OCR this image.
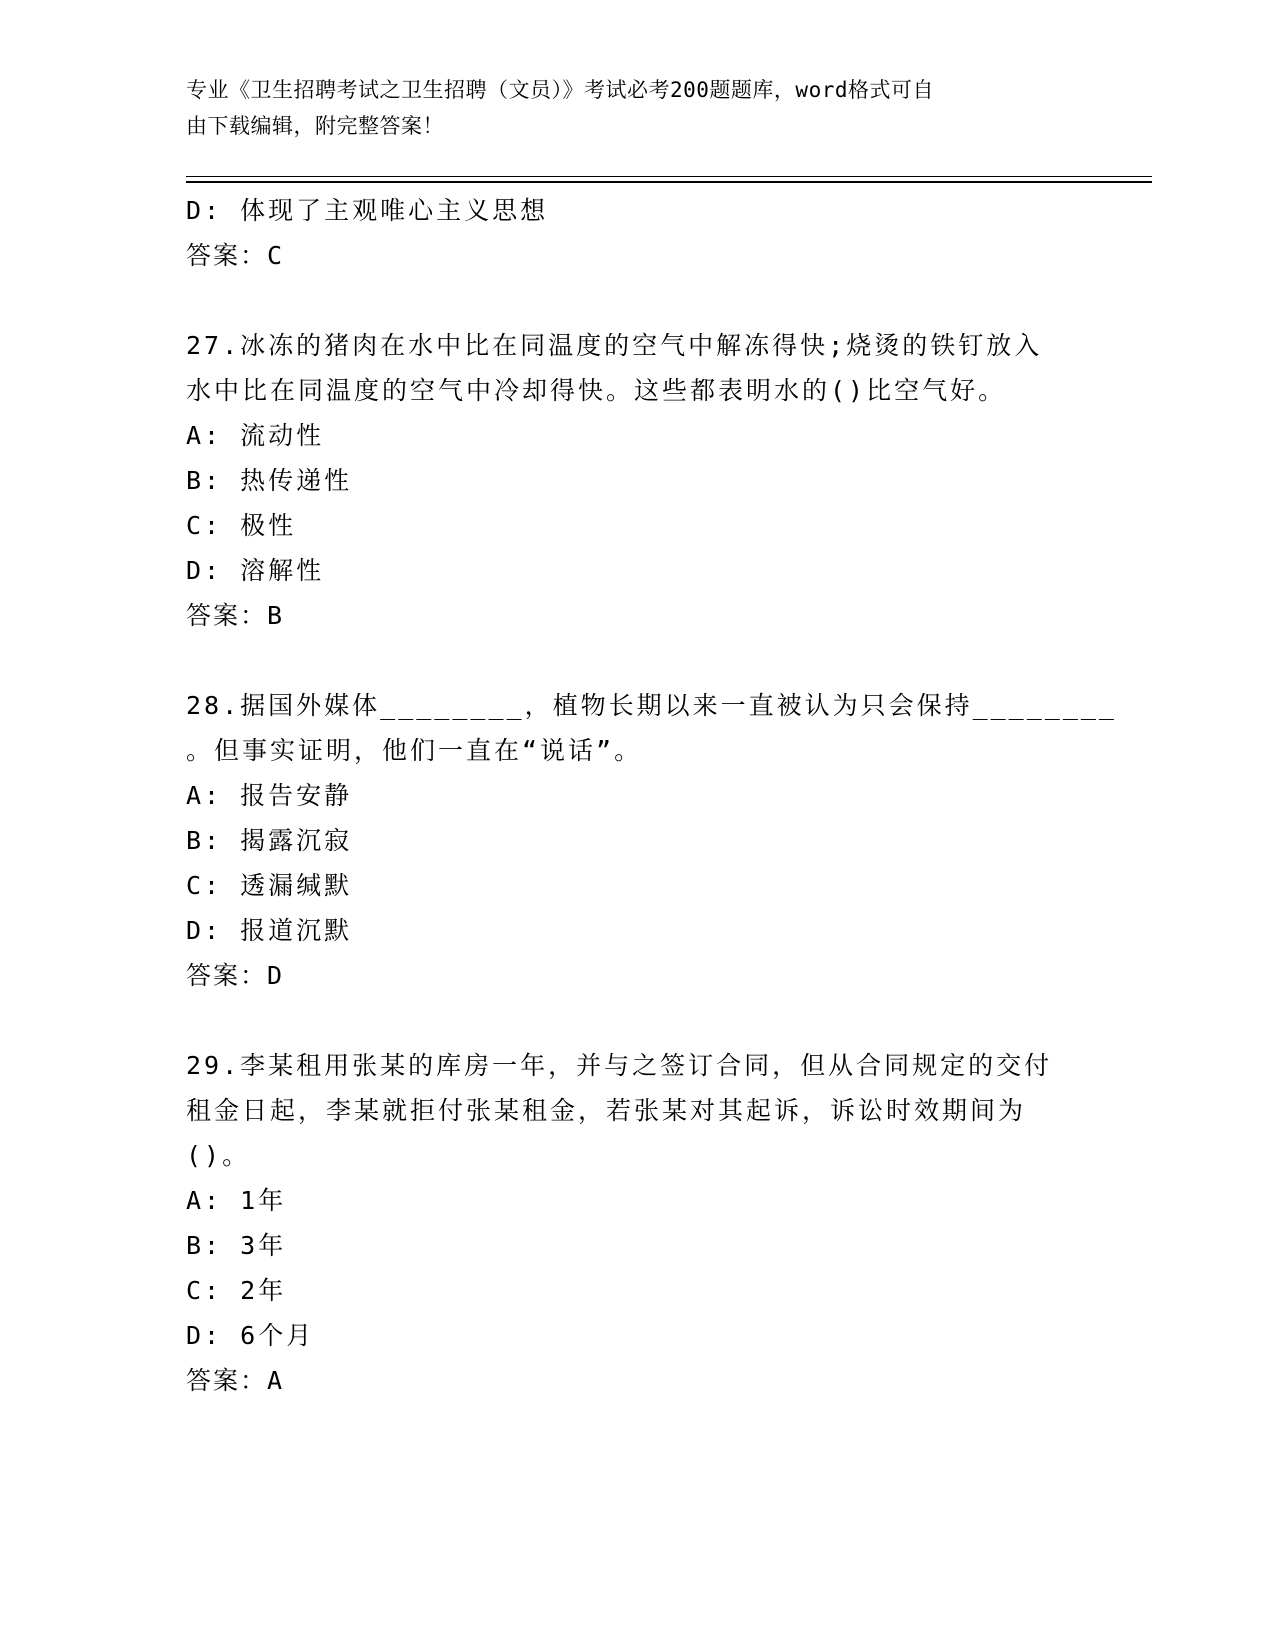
专业《卫生招聘考试之卫生招聘（文员）》考试必考200题题库，word格式可自
由下载编辑，附完整答案！
D: 体现了主观唯心主义思想
答案：C
27.冰冻的猪肉在水中比在同温度的空气中解冻得快;烧烫的铁钉放入
水中比在同温度的空气中冷却得快。这些都表明水的()比空气好。
A: 流动性
B: 热传递性
C: 极性
D: 溶解性
答案：B
28.据国外媒体________，植物长期以来一直被认为只会保持________
。但事实证明，他们一直在“说话”。
A: 报告安静
B: 揭露沉寂
C: 透漏缄默
D: 报道沉默
答案：D
29.李某租用张某的库房一年，并与之签订合同，但从合同规定的交付
租金日起，李某就拒付张某租金，若张某对其起诉，诉讼时效期间为
()。
A: 1年
B: 3年
C: 2年
D: 6个月
答案：A
